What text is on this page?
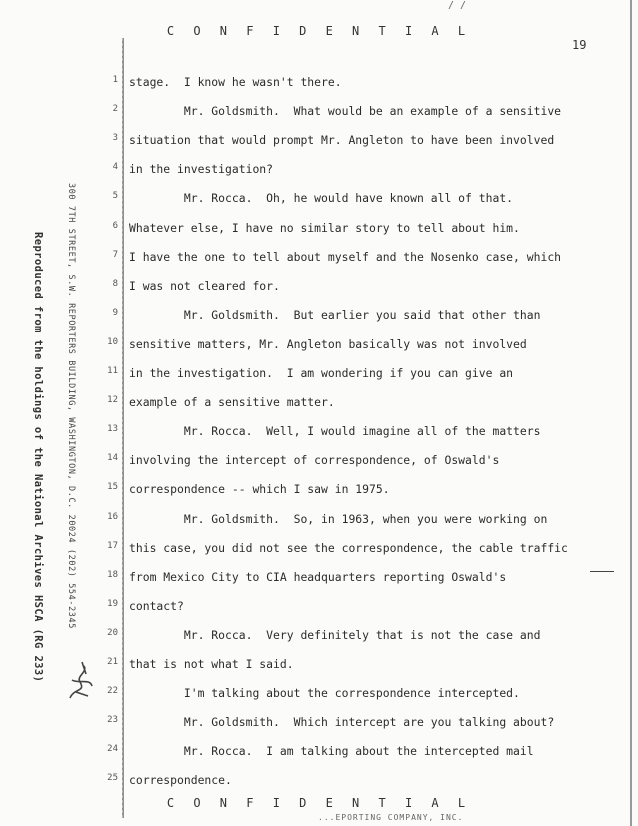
/ /
C O N F I D E N T I A L
19
Reproduced from the holdings of the National Archives HSCA (RG 233)	300 7TH STREET, S.W. REPORTERS BUILDING, WASHINGTON, D.C. 20024 (202) 554-2345
1 stage.  I know he wasn't there.
2 Mr. Goldsmith.  What would be an example of a sensitive
3 situation that would prompt Mr. Angleton to have been involved
4 in the investigation?
5 Mr. Rocca.  Oh, he would have known all of that.
6 Whatever else, I have no similar story to tell about him.
7 I have the one to tell about myself and the Nosenko case, which
8 I was not cleared for.
9 Mr. Goldsmith.  But earlier you said that other than
10 sensitive matters, Mr. Angleton basically was not involved
11 in the investigation.  I am wondering if you can give an
12 example of a sensitive matter.
13 Mr. Rocca.  Well, I would imagine all of the matters
14 involving the intercept of correspondence, of Oswald's
15 correspondence -- which I saw in 1975.
16 Mr. Goldsmith.  So, in 1963, when you were working on
17 this case, you did not see the correspondence, the cable traffic
18 from Mexico City to CIA headquarters reporting Oswald's
19 contact?
20 Mr. Rocca.  Very definitely that is not the case and
21 that is not what I said.
22 I'm talking about the correspondence intercepted.
23 Mr. Goldsmith.  Which intercept are you talking about?
24 Mr. Rocca.  I am talking about the intercepted mail
25 correspondence.
C O N F I D E N T I A L
...EPORTING COMPANY, INC.
